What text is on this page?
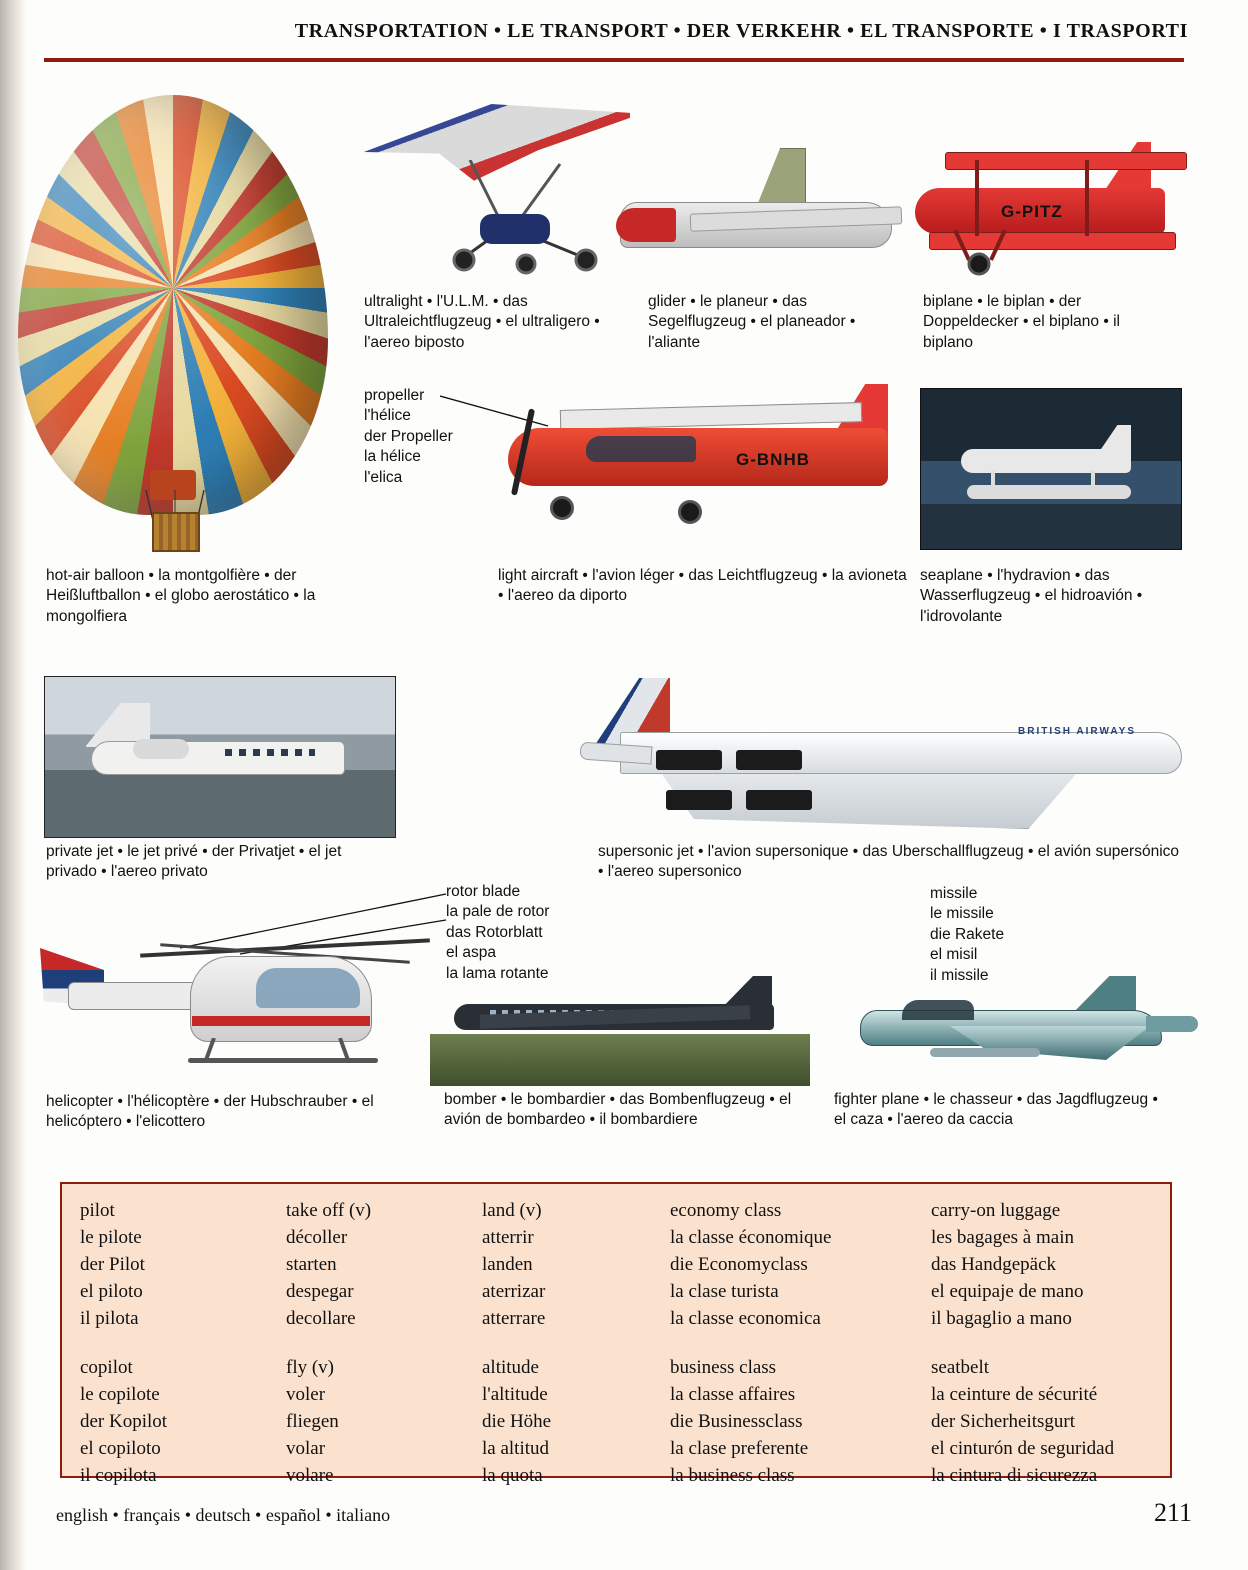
TRANSPORTATION • LE TRANSPORT • DER VERKEHR • EL TRANSPORTE • I TRASPORTI
hot-air balloon • la montgolfière • der Heißluftballon • el globo aerostático • la mongolfiera
ultralight • l'U.L.M. • das Ultraleichtflugzeug • el ultraligero • l'aereo biposto
glider • le planeur • das Segelflugzeug • el planeador • l'aliante
G-PITZ
biplane • le biplan • der Doppeldecker • el biplano • il biplano
propeller
l'hélice
der Propeller
la hélice
l'elica
G-BNHB
light aircraft • l'avion léger • das Leichtflugzeug • la avioneta • l'aereo da diporto
seaplane • l'hydravion • das Wasserflugzeug • el hidroavión • l'idrovolante
private jet • le jet privé • der Privatjet • el jet privado • l'aereo privato
BRITISH AIRWAYS
supersonic jet • l'avion supersonique • das Uberschallflugzeug • el avión supersónico • l'aereo supersonico
rotor blade
la pale de rotor
das Rotorblatt
el aspa
la lama rotante
helicopter • l'hélicoptère • der Hubschrauber • el helicóptero • l'elicottero
bomber • le bombardier • das Bombenflugzeug • el avión de bombardeo • il bombardiere
missile
le missile
die Rakete
el misil
il missile
fighter plane • le chasseur • das Jagdflugzeug • el caza • l'aereo da caccia
pilot
le pilote
der Pilot
el piloto
il pilota
take off (v)
décoller
starten
despegar
decollare
land (v)
atterrir
landen
aterrizar
atterrare
economy class
la classe économique
die Economyclass
la clase turista
la classe economica
carry-on luggage
les bagages à main
das Handgepäck
el equipaje de mano
il bagaglio a mano
copilot
le copilote
der Kopilot
el copiloto
il copilota
fly (v)
voler
fliegen
volar
volare
altitude
l'altitude
die Höhe
la altitud
la quota
business class
la classe affaires
die Businessclass
la clase preferente
la business class
seatbelt
la ceinture de sécurité
der Sicherheitsgurt
el cinturón de seguridad
la cintura di sicurezza
english • français • deutsch • español • italiano	211
